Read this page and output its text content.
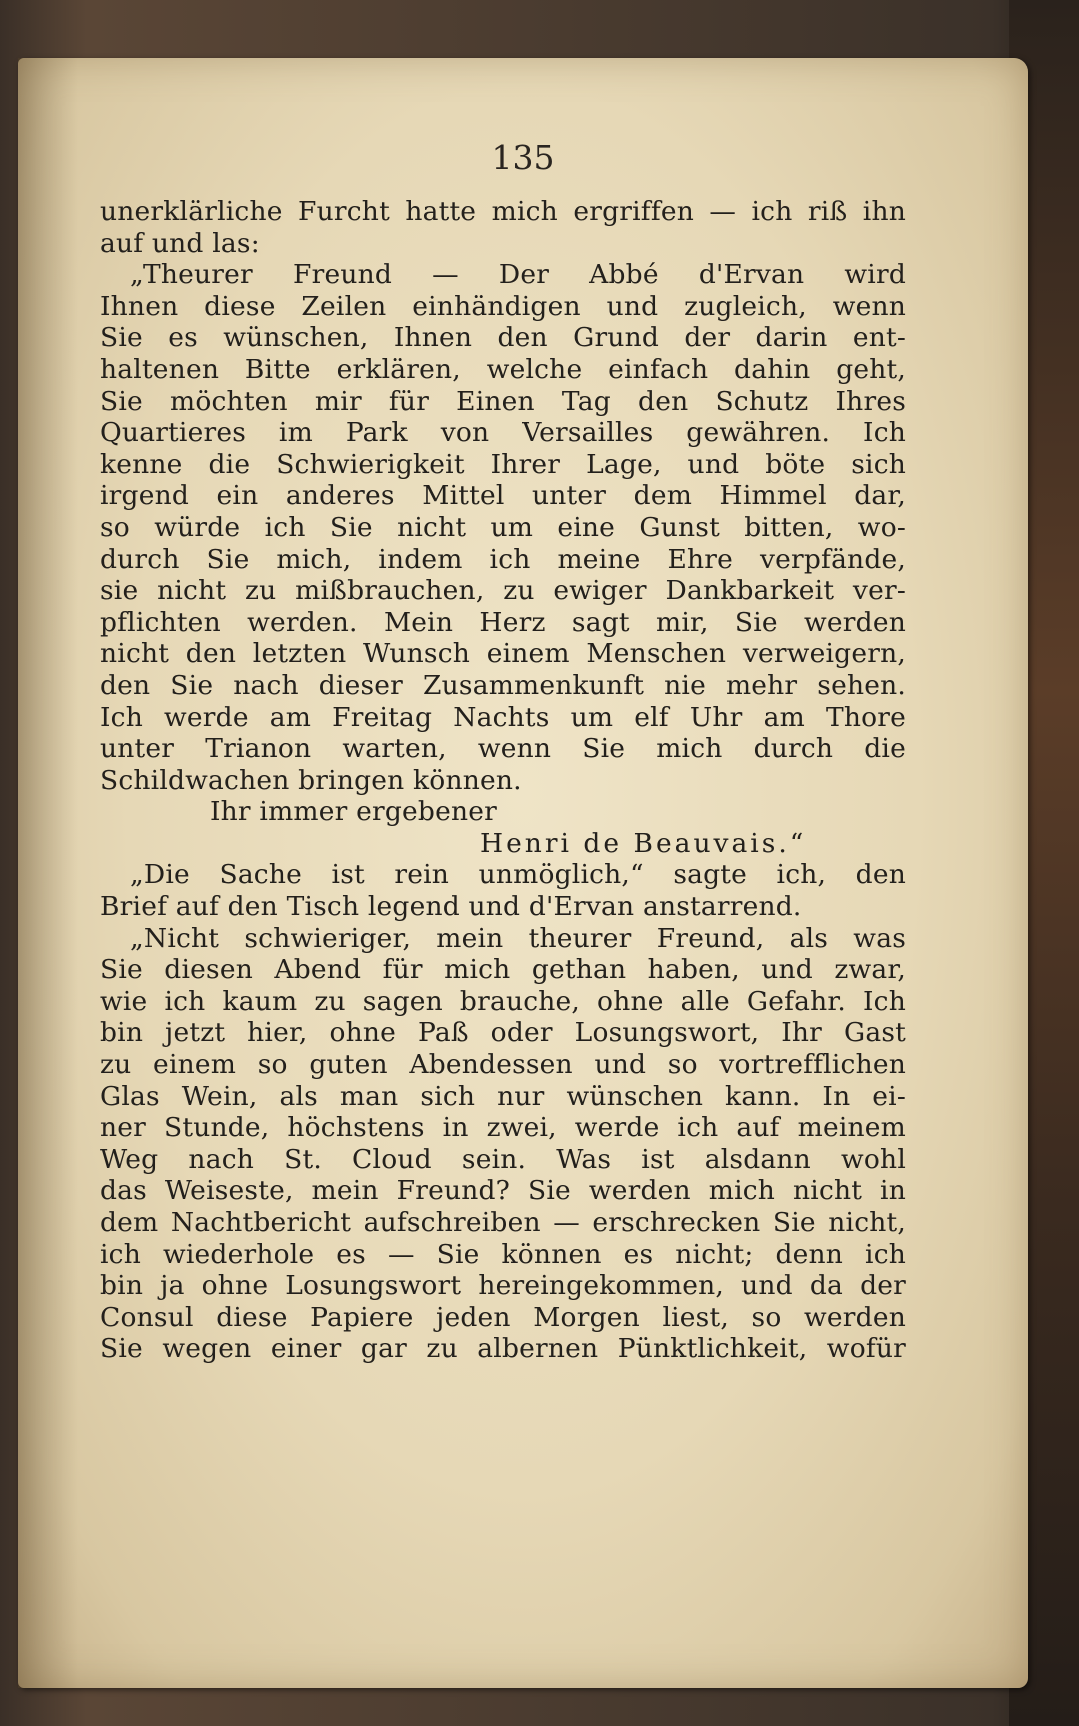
135
unerklärliche Furcht hatte mich ergriffen — ich riß ihn
auf und las:
„Theurer Freund — Der Abbé d'Ervan wird
Ihnen diese Zeilen einhändigen und zugleich, wenn
Sie es wünschen, Ihnen den Grund der darin ent-
haltenen Bitte erklären, welche einfach dahin geht,
Sie möchten mir für Einen Tag den Schutz Ihres
Quartieres im Park von Versailles gewähren. Ich
kenne die Schwierigkeit Ihrer Lage, und böte sich
irgend ein anderes Mittel unter dem Himmel dar,
so würde ich Sie nicht um eine Gunst bitten, wo-
durch Sie mich, indem ich meine Ehre verpfände,
sie nicht zu mißbrauchen, zu ewiger Dankbarkeit ver-
pflichten werden. Mein Herz sagt mir, Sie werden
nicht den letzten Wunsch einem Menschen verweigern,
den Sie nach dieser Zusammenkunft nie mehr sehen.
Ich werde am Freitag Nachts um elf Uhr am Thore
unter Trianon warten, wenn Sie mich durch die
Schildwachen bringen können.
Ihr immer ergebener
Henri de Beauvais.“
„Die Sache ist rein unmöglich,“ sagte ich, den
Brief auf den Tisch legend und d'Ervan anstarrend.
„Nicht schwieriger, mein theurer Freund, als was
Sie diesen Abend für mich gethan haben, und zwar,
wie ich kaum zu sagen brauche, ohne alle Gefahr. Ich
bin jetzt hier, ohne Paß oder Losungswort, Ihr Gast
zu einem so guten Abendessen und so vortrefflichen
Glas Wein, als man sich nur wünschen kann. In ei-
ner Stunde, höchstens in zwei, werde ich auf meinem
Weg nach St. Cloud sein. Was ist alsdann wohl
das Weiseste, mein Freund? Sie werden mich nicht in
dem Nachtbericht aufschreiben — erschrecken Sie nicht,
ich wiederhole es — Sie können es nicht; denn ich
bin ja ohne Losungswort hereingekommen, und da der
Consul diese Papiere jeden Morgen liest, so werden
Sie wegen einer gar zu albernen Pünktlichkeit, wofür
